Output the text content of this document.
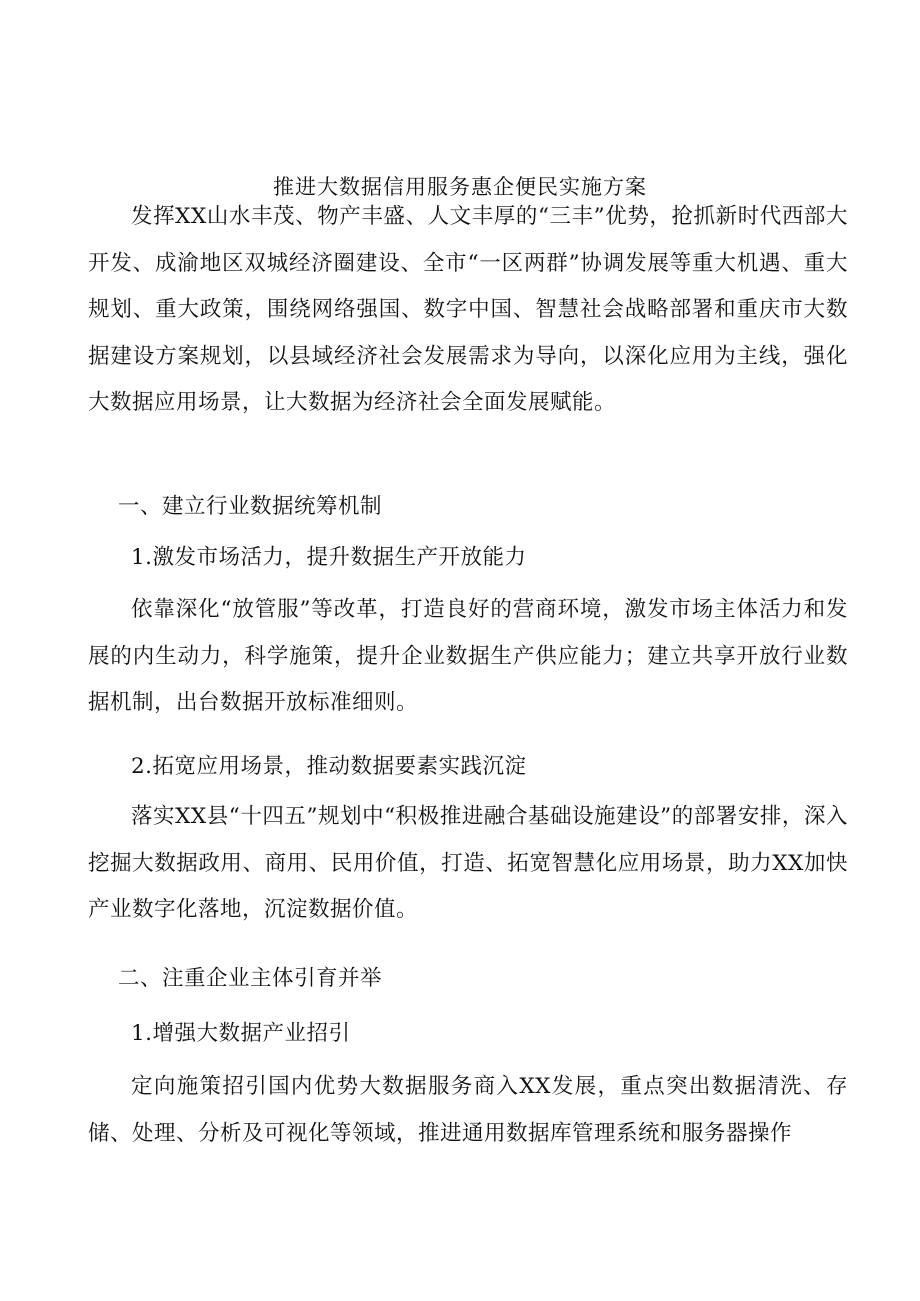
推进大数据信用服务惠企便民实施方案

发挥XX山水丰茂、物产丰盛、人文丰厚的“三丰”优势，抢抓新时代西部大开发、成渝地区双城经济圈建设、全市“一区两群”协调发展等重大机遇、重大规划、重大政策，围绕网络强国、数字中国、智慧社会战略部署和重庆市大数据建设方案规划，以县域经济社会发展需求为导向，以深化应用为主线，强化大数据应用场景，让大数据为经济社会全面发展赋能。

一、建立行业数据统筹机制
1.激发市场活力，提升数据生产开放能力

依靠深化“放管服”等改革，打造良好的营商环境，激发市场主体活力和发展的内生动力，科学施策，提升企业数据生产供应能力；建立共享开放行业数据机制，出台数据开放标准细则。

2.拓宽应用场景，推动数据要素实践沉淀

落实XX县“十四五”规划中“积极推进融合基础设施建设”的部署安排，深入挖掘大数据政用、商用、民用价值，打造、拓宽智慧化应用场景，助力XX加快产业数字化落地，沉淀数据价值。

二、注重企业主体引育并举
1.增强大数据产业招引

定向施策招引国内优势大数据服务商入XX发展，重点突出数据清洗、存储、处理、分析及可视化等领域，推进通用数据库管理系统和服务器操作
